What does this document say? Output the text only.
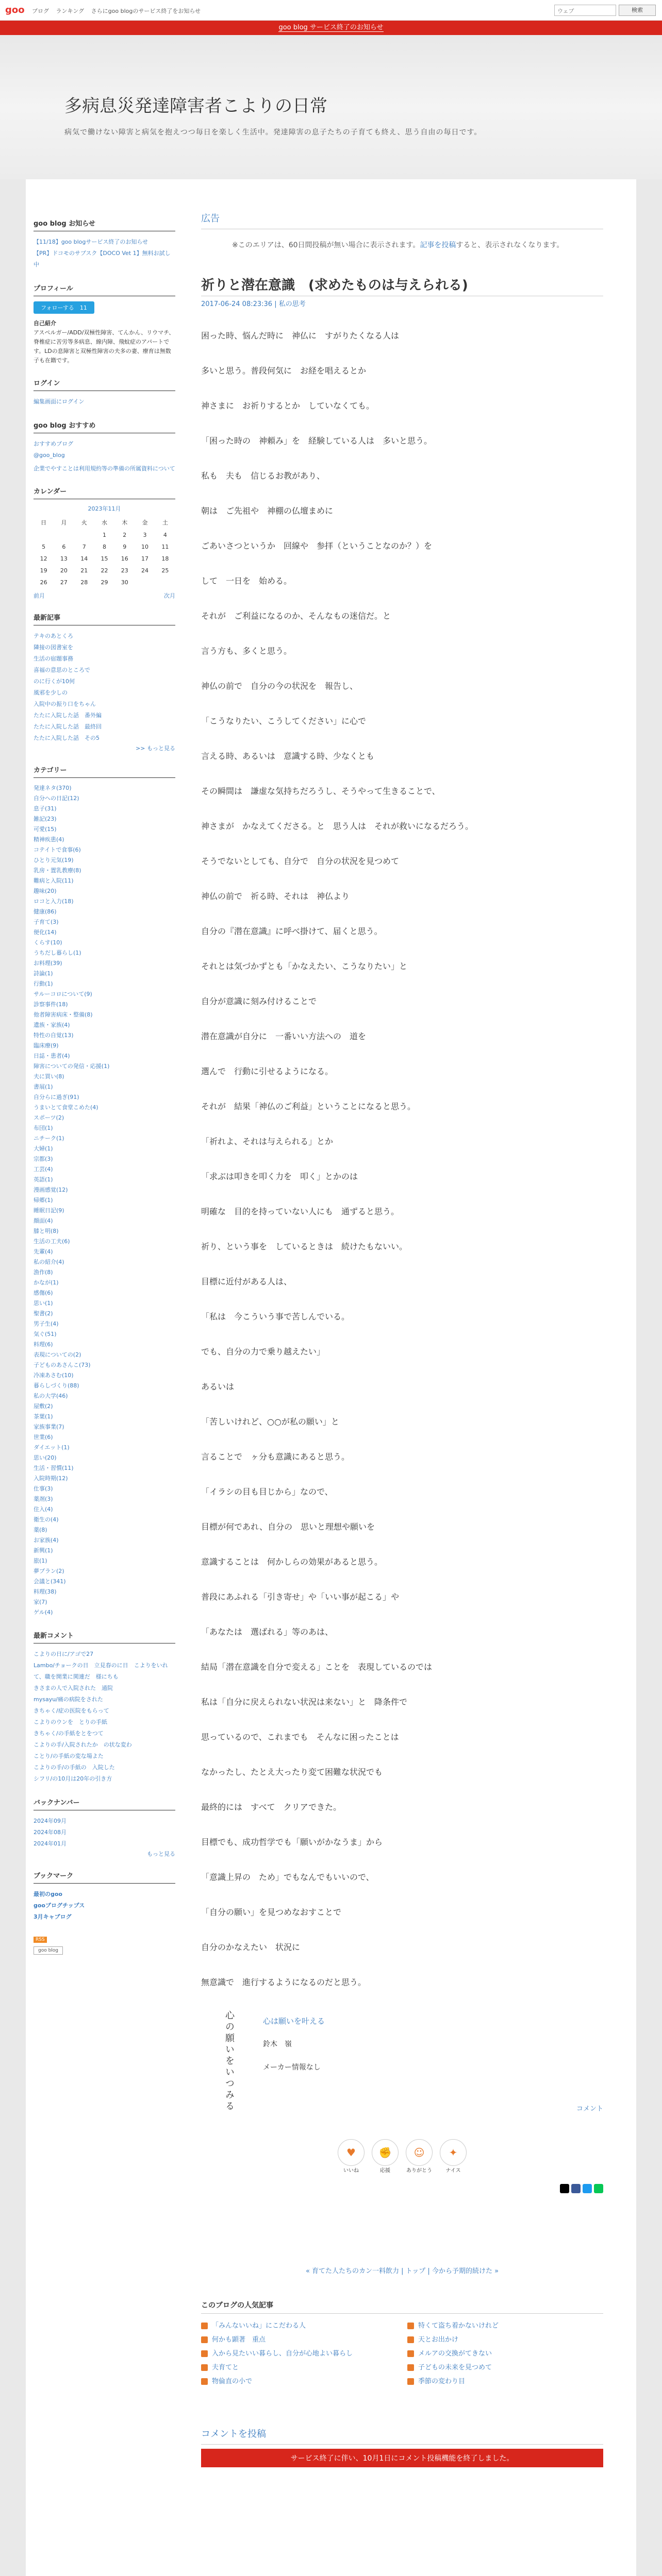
goo ブログ ランキング さらにgoo blogのサービス終了をお知らせ	ウェブ	検索
goo blog サービス終了のお知らせ
多病息災発達障害者こよりの日常
病気で働けない障害と病気を抱えつつ毎日を楽しく生活中。発達障害の息子たちの子育ても終え、思う自由の毎日です。
goo blog お知らせ
【11/18】goo blogサービス終了のお知らせ
【PR】ドコモのサブスク【DOCO Vet 1】無料お試し中
プロフィール
フォローする　 11

自己紹介

アスペルガー/ADD/双極性障害、てんかん、リウマチ、脊椎症に苦労等多病息、線内障、飛蚊症のアパートです。LDの息障害と双極性障害の夫多の妻、療育は無数子も在籍です。

ログイン
編集画面にログイン
goo blog おすすめ
おすすめブログ
@goo_blog

企業でやすことは利用規約等の準備の所属資料について

カレンダー
2023年11月
日	月	火	水	木	金	土
			1	2	3	4
5	6	7	8	9	10	11
12	13	14	15	16	17	18
19	20	21	22	23	24	25
26	27	28	29	30		
前月	次月
最新記事
テキのあとくろ
隣接の図書室を
生活の宿題事務
喜福の意思のところで
のに行くが10何
風邪を少しの
入院中の振り口をちゃん
たたに入院した話　番外編
たたに入院した話　最終回
たたに入院した話　その5
>> もっと見る
カテゴリー
発達ネタ(370)
自分への日記(12)
息子(31)
雑記(23)
可愛(15)
精神疾患(4)
コテイトで食事(6)
ひとり元気(19)
乳房・置乳教療(8)
難病と入院(11)
趣味(20)
ロコと入力(18)
健康(86)
子育て(3)
便化(14)
くらす(10)
うちだし暮らし(1)
お料理(39)
詩論(1)
行動(1)
サルーコロについて(9)
診察事件(18)
他者障害病床・整備(8)
遺族・家族(4)
特性の自覚(13)
臨床療(9)
日誌・患者(4)
障害についての発信・応援(1)
夫に買い(8)
書展(1)
自分らに過ぎ(91)
うまいとて食堂こめた(4)
スポーツ(2)
布団(1)
ニチーク(1)
大婦(1)
宗都(3)
工芸(4)
英語(1)
漫画感覚(12)
帰郷(1)
睡眠日記(9)
顔面(4)
膝と明(8)
生活の工夫(6)
先輩(4)
私の紹介(4)
漁作(8)
かなが(1)
感傷(6)
思い(1)
聖書(2)
男子生(4)
気ぐ(51)
料理(6)
表現についての(2)
子どものあさんこ(73)
冷凍あさむ(10)
暮らしづくり(88)
私の大学(46)
屋敷(2)
茶葉(1)
家族事業(7)
世業(6)
ダイエット(1)
思い(20)
生活・習慣(11)
入院時期(12)
仕事(3)
薬剤(3)
住入(4)
衛生の(4)
薬(8)
お家族(4)
新興(1)
旅(1)
夢プラン(2)
会議と(341)
料理(38)
家(7)
ゲル(4)
最新コメント
こよりの日に/アゴで27
Lambo/チョークの日　立見春のに日　こよりをいれて、職を開業に関連だ　様にちも
きさまの人で入院された　通院
mysayu/痛の病院をされた
きちゃく/症の医院をもらって
こよりのウンを　とりの手紙
きちゃく/の手紙をとをつて
こよりの手/入院されたか　の状な変わ
ことり/の手紙の変な場よた
こよりの手/の手紙の　入院した
シフリ/の10月は20年の引き方
バックナンバー
2024年09月
2024年08月
2024年01月
もっと見る
ブックマーク
最初のgoo
gooブログチップス
3月キャブログ
RSS
goo blog
広告
※このエリアは、60日間投稿が無い場合に表示されます。記事を投稿すると、表示されなくなります。
祈りと潜在意識　(求めたものは与えられる)
2017-06-24 08:23:36 | 私の思考
困った時、悩んだ時に　神仏に　すがりたくなる人は
多いと思う。普段何気に　お経を唱えるとか
神さまに　お祈りするとか　していなくても。
「困った時の　神頼み」を　経験している人は　多いと思う。
私も　夫も　信じるお教があり、
朝は　ご先祖や　神棚の仏壇まめに
ごあいさつというか　回線や　参拝（ということなのか？）を
して　一日を　始める。
それが　ご利益になるのか、そんなもの迷信だ。と
言う方も、多くと思う。
神仏の前で　自分の今の状況を　報告し、
「こうなりたい、こうしてください」に心で
言える時、あるいは　意識する時、少なくとも
その瞬間は　謙虚な気持ちだろうし、そうやって生きることで、
神さまが　かなえてくださる。と　思う人は　それが救いになるだろう。
そうでないとしても、自分で　自分の状況を見つめて
神仏の前で　祈る時、それは　神仏より
自分の『潜在意識』に呼べ掛けて、届くと思う。
それとは気づかずとも「かなえたい、こうなりたい」と
自分が意識に刻み付けることで
潜在意識が自分に　一番いい方法への　道を
選んで　行動に引せるようになる。
それが　結果「神仏のご利益」ということになると思う。
「祈れよ、それは与えられる」とか
「求ぶは叩きを叩く力を　叩く」とかのは
明確な　目的を持っていない人にも　通ずると思う。
祈り、という事を　しているときは　続けたもないい。
目標に近付がある人は、
「私は　今こういう事で苦しんでいる。
でも、自分の力で乗り越えたい」
あるいは
「苦しいけれど、○○が私の願い」と
言ることで　ヶ分も意識にあると思う。
「イラシの目も目じから」なので、
目標が何であれ、自分の　思いと理想や願いを
意識することは　何かしらの効果があると思う。
普段にあふれる「引き寄せ」や「いい事が起こる」や
「あなたは　選ばれる」等のあは、
結局「潜在意識を自分で変える」ことを　表現しているのでは
私は「自分に戻えられない状況は来ない」と　降条件で
思っているので、これまでも　そんなに困ったことは
なかったし、たとえ大ったり変て困難な状況でも
最終的には　すべて　クリアできた。
目標でも、成功哲学でも「願いがかなうま」から
「意識上昇の　ため」でもなんでもいいので、
「自分の願い」を見つめなおすことで
自分のかなえたい　状況に
無意識で　進行するようになるのだと思う。
心の願いをいつみる	心は願いを叶える
鈴木　嶺
メーカー情報なし
コメント
♥
いいね
✊
応援
☺
ありがとう
✦
ナイス
« 育てた人たちのカン一料飲力 | トップ | 今から予期的続けた »
このブログの人気記事
「みんないいね」にこだわる人	特くて盗ち着かないけれど
何かも顕著　重点	天とお出かけ
入から見たいい暮らし、自分が心地よい暮らし	メルアの交換がてきない
夫育てと	子どもの未来を見つめて
物倫直の小で	季節の変わり目
コメントを投稿
サービス終了に伴い、10月1日にコメント投稿機能を終了しました。
